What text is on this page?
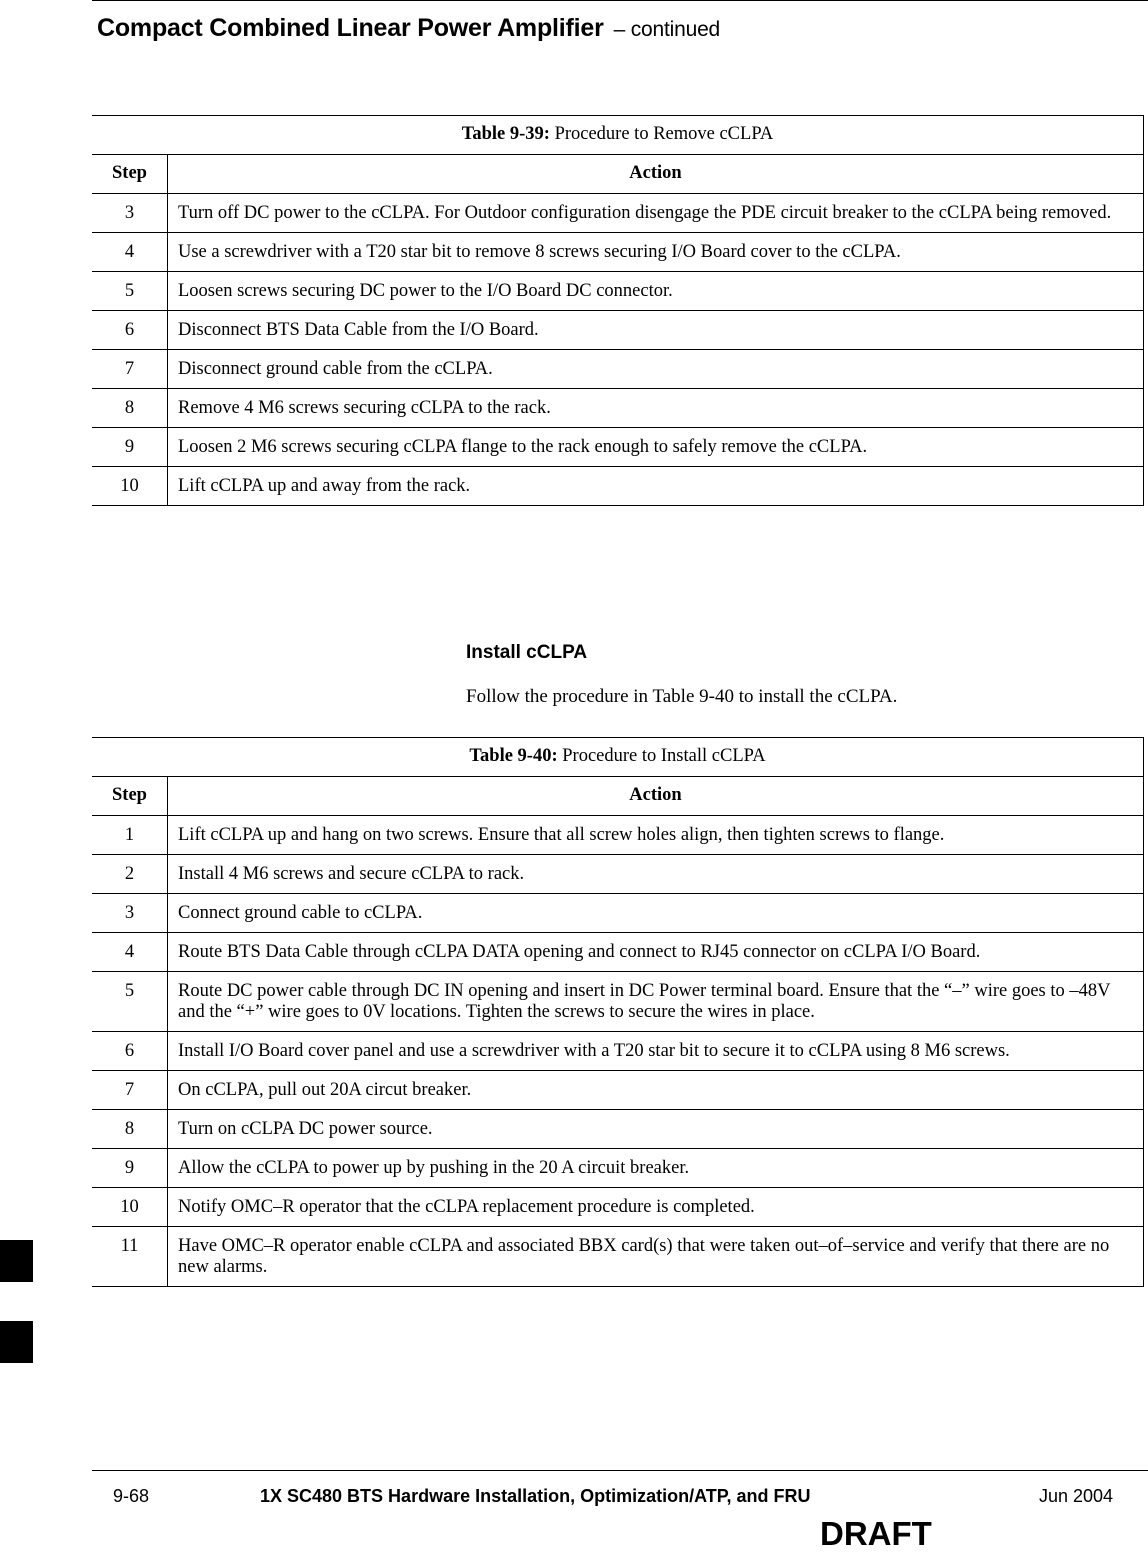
Compact Combined Linear Power Amplifier – continued
Table 9-39: Procedure to Remove cCLPA	
Step	Action
3	Turn off DC power to the cCLPA. For Outdoor configuration disengage the PDE circuit breaker to the cCLPA being removed.
4	Use a screwdriver with a T20 star bit to remove 8 screws securing I/O Board cover to the cCLPA.
5	Loosen screws securing DC power to the I/O Board DC connector.
6	Disconnect BTS Data Cable from the I/O Board.
7	Disconnect ground cable from the cCLPA.
8	Remove 4 M6 screws securing cCLPA to the rack.
9	Loosen 2 M6 screws securing cCLPA flange to the rack enough to safely remove the cCLPA.
10	Lift cCLPA up and away from the rack.
Install cCLPA
Follow the procedure in Table 9-40 to install the cCLPA.
Table 9-40: Procedure to Install cCLPA	
Step	Action
1	Lift cCLPA up and hang on two screws. Ensure that all screw holes align, then tighten screws to flange.
2	Install 4 M6 screws and secure cCLPA to rack.
3	Connect ground cable to cCLPA.
4	Route BTS Data Cable through cCLPA DATA opening and connect to RJ45 connector on cCLPA I/O Board.
5	Route DC power cable through DC IN opening and insert in DC Power terminal board. Ensure that the “–” wire goes to –48V and the “+” wire goes to 0V locations. Tighten the screws to secure the wires in place.
6	Install I/O Board cover panel and use a screwdriver with a T20 star bit to secure it to cCLPA using 8 M6 screws.
7	On cCLPA, pull out 20A circut breaker.
8	Turn on cCLPA DC power source.
9	Allow the cCLPA to power up by pushing in the 20 A circuit breaker.
10	Notify OMC–R operator that the cCLPA replacement procedure is completed.
11	Have OMC–R operator enable cCLPA and associated BBX card(s) that were taken out–of–service and verify that there are no new alarms.
9-68	1X SC480 BTS Hardware Installation, Optimization/ATP, and FRU	Jun 2004
DRAFT
